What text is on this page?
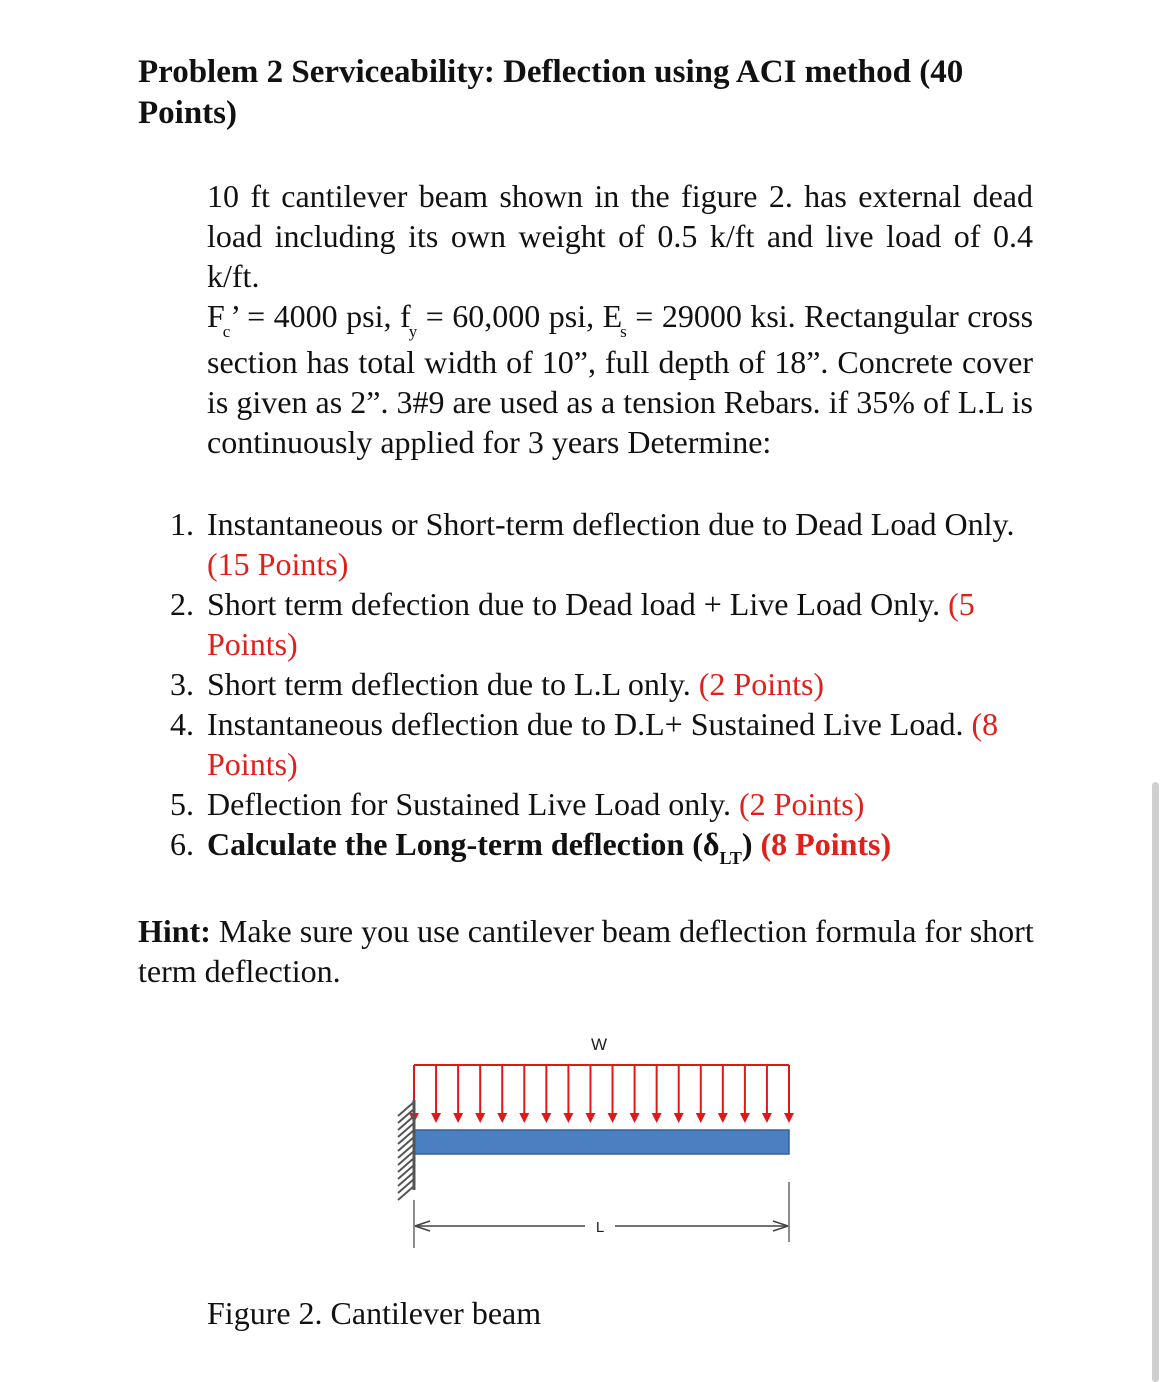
Problem 2 Serviceability: Deflection using ACI method (40 Points)

10 ft cantilever beam shown in the figure 2. has external dead load including its own weight of 0.5 k/ft and live load of 0.4 k/ft.

$F_c$’ = 4000 psi, $f_y = 60,000$ psi, $E_s = 29000$ ksi. Rectangular cross section has total width of 10”, full depth of 18”. Concrete cover is given as 2”. 3#9 are used as a tension Rebars. if 35% of L.L is continuously applied for 3 years Determine:

1. Instantaneous or Short-term deflection due to Dead Load Only. (15 Points)
2. Short term defection due to Dead load + Live Load Only. (5 Points)
3. Short term deflection due to L.L only. (2 Points)
4. Instantaneous deflection due to D.L+ Sustained Live Load. (8 Points)
5. Deflection for Sustained Live Load only. (2 Points)
6. Calculate the Long-term deflection $(\delta_{LT})$ (8 Points)

Hint: Make sure you use cantilever beam deflection formula for short term deflection.

W
L

Figure 2. Cantilever beam
